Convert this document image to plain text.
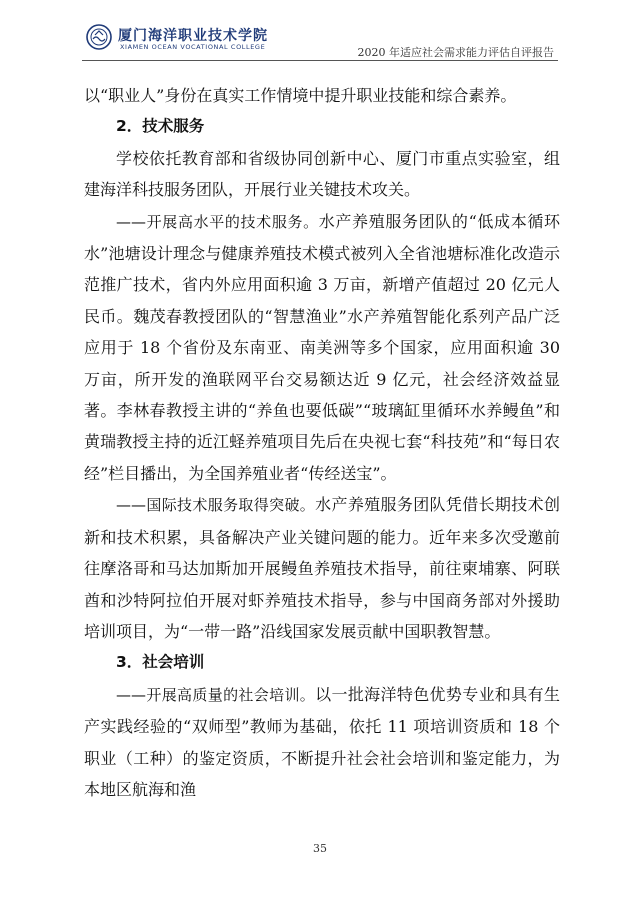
厦门海洋职业技术学院
XIAMEN OCEAN VOCATIONAL COLLEGE	2020 年适应社会需求能力评估自评报告

以“职业人”身份在真实工作情境中提升职业技能和综合素养。

2．技术服务

学校依托教育部和省级协同创新中心、厦门市重点实验室，组建海洋科技服务团队，开展行业关键技术攻关。

——开展高水平的技术服务。水产养殖服务团队的“低成本循环水”池塘设计理念与健康养殖技术模式被列入全省池塘标准化改造示范推广技术，省内外应用面积逾 3 万亩，新增产值超过 20 亿元人民币。魏茂春教授团队的“智慧渔业”水产养殖智能化系列产品广泛应用于 18 个省份及东南亚、南美洲等多个国家，应用面积逾 30 万亩，所开发的渔联网平台交易额达近 9 亿元，社会经济效益显著。李林春教授主讲的“养鱼也要低碳”“玻璃缸里循环水养鳗鱼”和黄瑞教授主持的近江蛏养殖项目先后在央视七套“科技苑”和“每日农经”栏目播出，为全国养殖业者“传经送宝”。

——国际技术服务取得突破。水产养殖服务团队凭借长期技术创新和技术积累，具备解决产业关键问题的能力。近年来多次受邀前往摩洛哥和马达加斯加开展鳗鱼养殖技术指导，前往柬埔寨、阿联酋和沙特阿拉伯开展对虾养殖技术指导，参与中国商务部对外援助培训项目，为“一带一路”沿线国家发展贡献中国职教智慧。

3．社会培训

——开展高质量的社会培训。以一批海洋特色优势专业和具有生产实践经验的“双师型”教师为基础，依托 11 项培训资质和 18 个职业（工种）的鉴定资质，不断提升社会社会培训和鉴定能力，为本地区航海和渔

35
